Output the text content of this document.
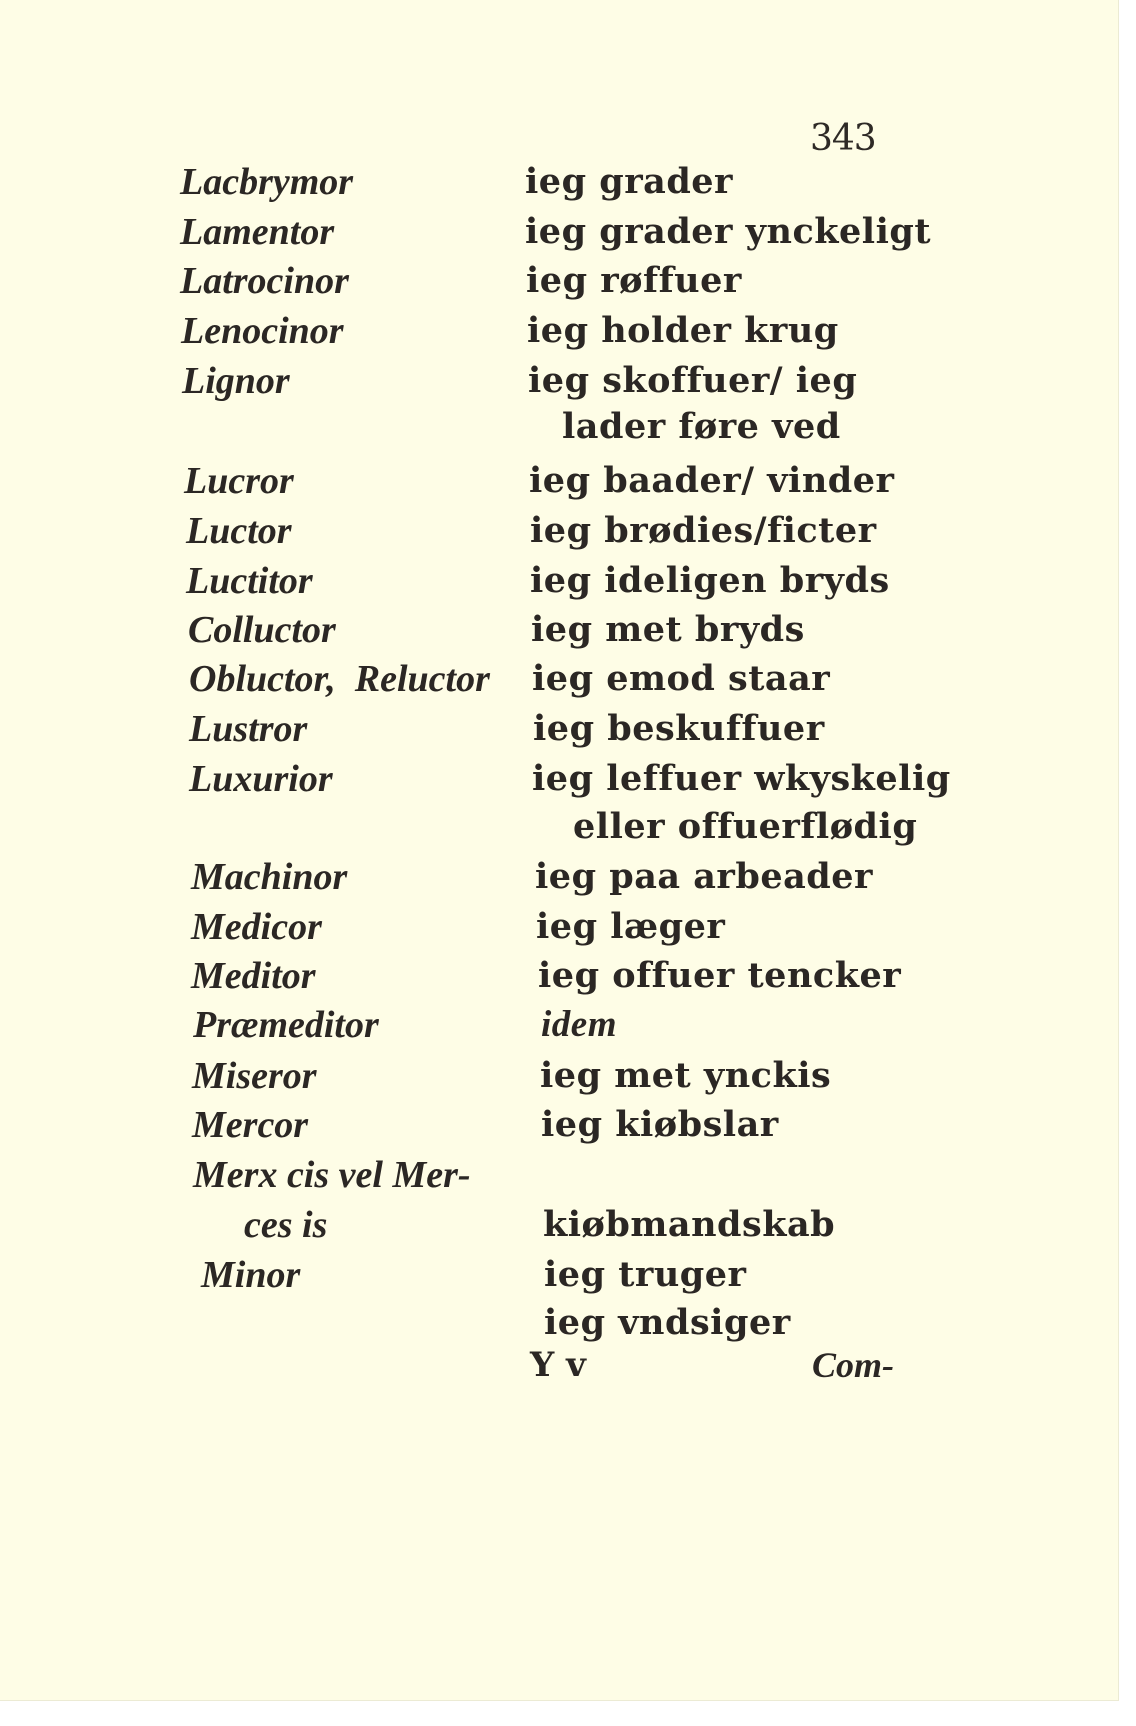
343
Lacbrymor	ieg grader
Lamentor	ieg grader ynckeligt
Latrocinor	ieg røffuer
Lenocinor	ieg holder krug
Lignor	ieg skoffuer/ ieg
lader føre ved
Lucror	ieg baader/ vinder
Luctor	ieg brødies/ficter
Luctitor	ieg ideligen bryds
Colluctor	ieg met bryds
Obluctor,  Reluctor ieg emod staar
Lustror	ieg beskuffuer
Luxurior	ieg leffuer wkyskelig
eller offuerflødig
Machinor	ieg paa arbeader
Medicor	ieg læger
Meditor	ieg offuer tencker
Præmeditor	idem
Miseror	ieg met ynckis
Mercor	ieg kiøbslar
Merx cis vel Mer-
ces is	kiøbmandskab
Minor	ieg truger
ieg vndsiger
Y v	Com-
